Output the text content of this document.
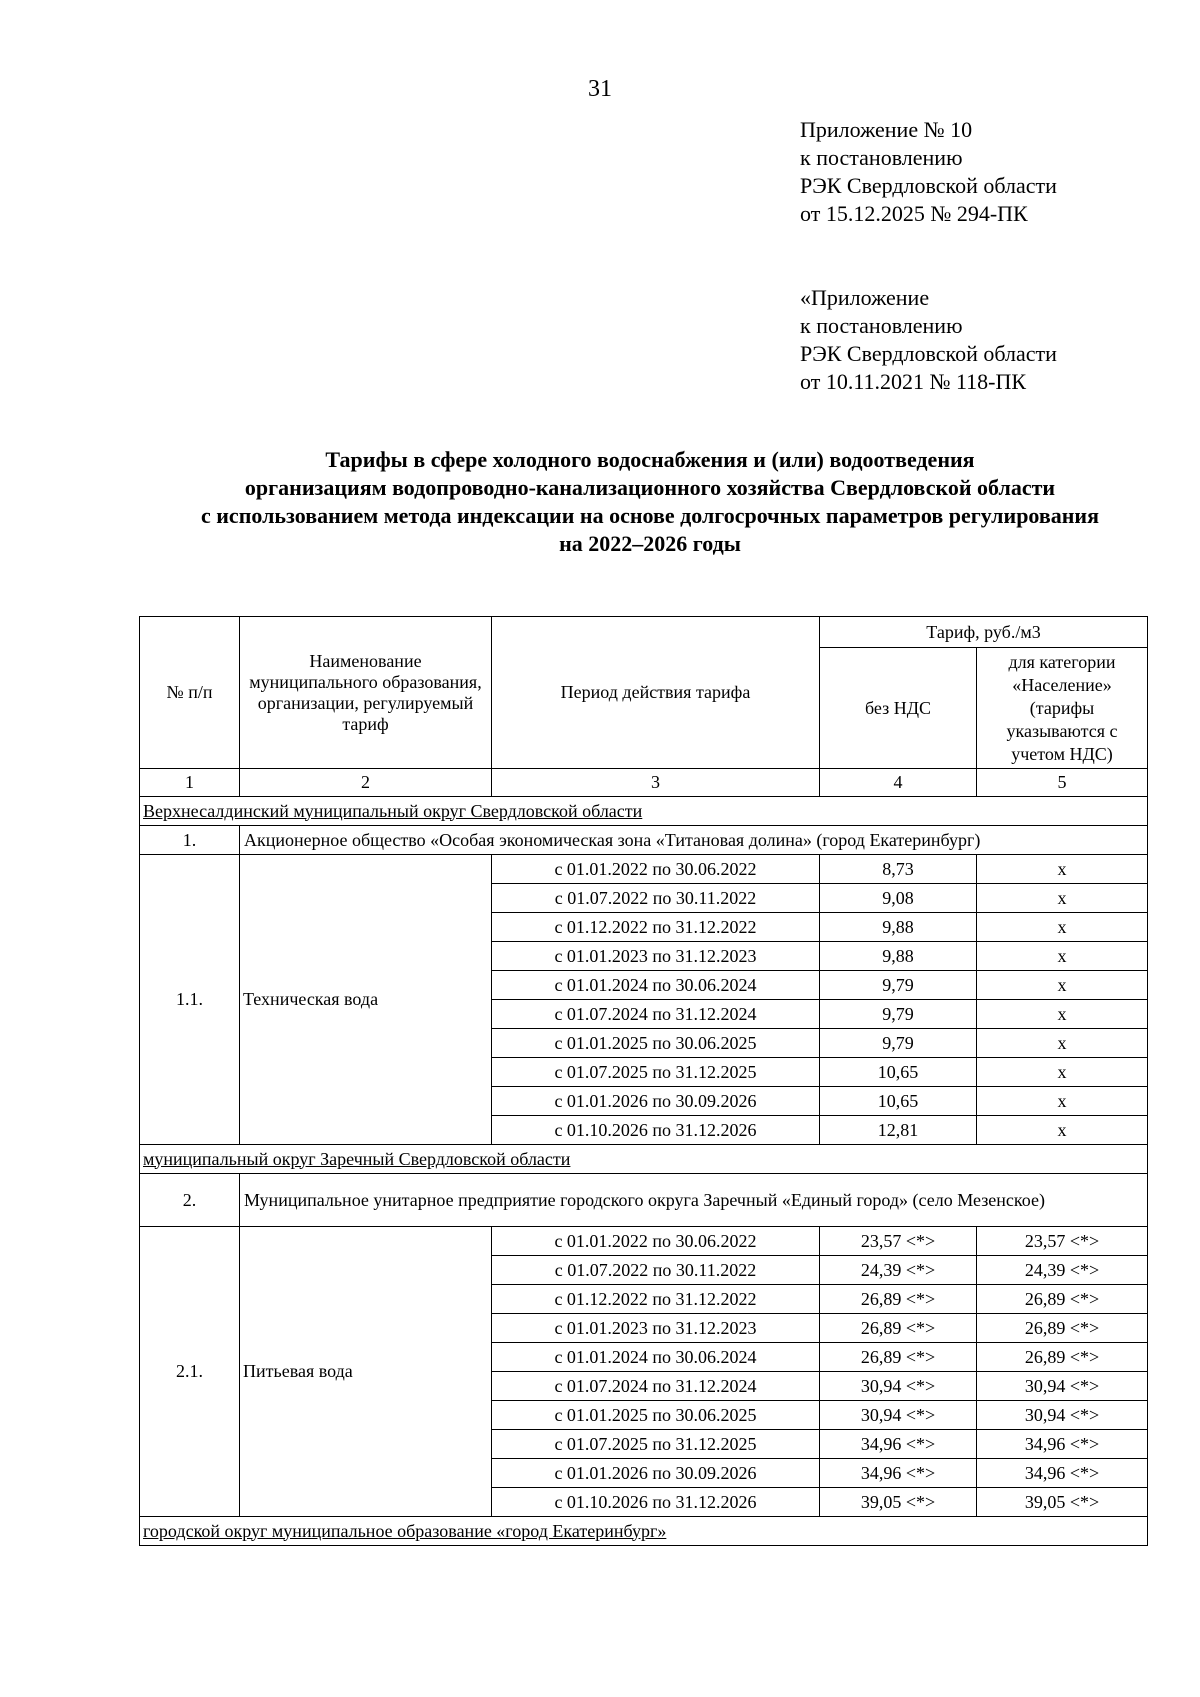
31
Приложение № 10
к постановлению
РЭК Свердловской области
от 15.12.2025 № 294-ПК
«Приложение
к постановлению
РЭК Свердловской области
от 10.11.2021 № 118-ПК
Тарифы в сфере холодного водоснабжения и (или) водоотведения
организациям водопроводно-канализационного хозяйства Свердловской области
с использованием метода индексации на основе долгосрочных параметров регулирования
на 2022–2026 годы
№ п/п	Наименование муниципального образования, организации, регулируемый тариф	Период действия тарифа	Тариф, руб./м3	
			без НДС	для категории «Население» (тарифы указываются с учетом НДС)
1	2	3	4	5
Верхнесалдинский муниципальный округ Свердловской области				
1.	Акционерное общество «Особая экономическая зона «Титановая долина» (город Екатеринбург)			
1.1.	Техническая вода	с 01.01.2022 по 30.06.2022	8,73	х
		с 01.07.2022 по 30.11.2022	9,08	х
		с 01.12.2022 по 31.12.2022	9,88	х
		с 01.01.2023 по 31.12.2023	9,88	х
		с 01.01.2024 по 30.06.2024	9,79	х
		с 01.07.2024 по 31.12.2024	9,79	х
		с 01.01.2025 по 30.06.2025	9,79	х
		с 01.07.2025 по 31.12.2025	10,65	х
		с 01.01.2026 по 30.09.2026	10,65	х
		с 01.10.2026 по 31.12.2026	12,81	х
муниципальный округ Заречный Свердловской области				
2.	Муниципальное унитарное предприятие городского округа Заречный «Единый город» (село Мезенское)			
2.1.	Питьевая вода	с 01.01.2022 по 30.06.2022	23,57 <*>	23,57 <*>
		с 01.07.2022 по 30.11.2022	24,39 <*>	24,39 <*>
		с 01.12.2022 по 31.12.2022	26,89 <*>	26,89 <*>
		с 01.01.2023 по 31.12.2023	26,89 <*>	26,89 <*>
		с 01.01.2024 по 30.06.2024	26,89 <*>	26,89 <*>
		с 01.07.2024 по 31.12.2024	30,94 <*>	30,94 <*>
		с 01.01.2025 по 30.06.2025	30,94 <*>	30,94 <*>
		с 01.07.2025 по 31.12.2025	34,96 <*>	34,96 <*>
		с 01.01.2026 по 30.09.2026	34,96 <*>	34,96 <*>
		с 01.10.2026 по 31.12.2026	39,05 <*>	39,05 <*>
городской округ муниципальное образование «город Екатеринбург»				
